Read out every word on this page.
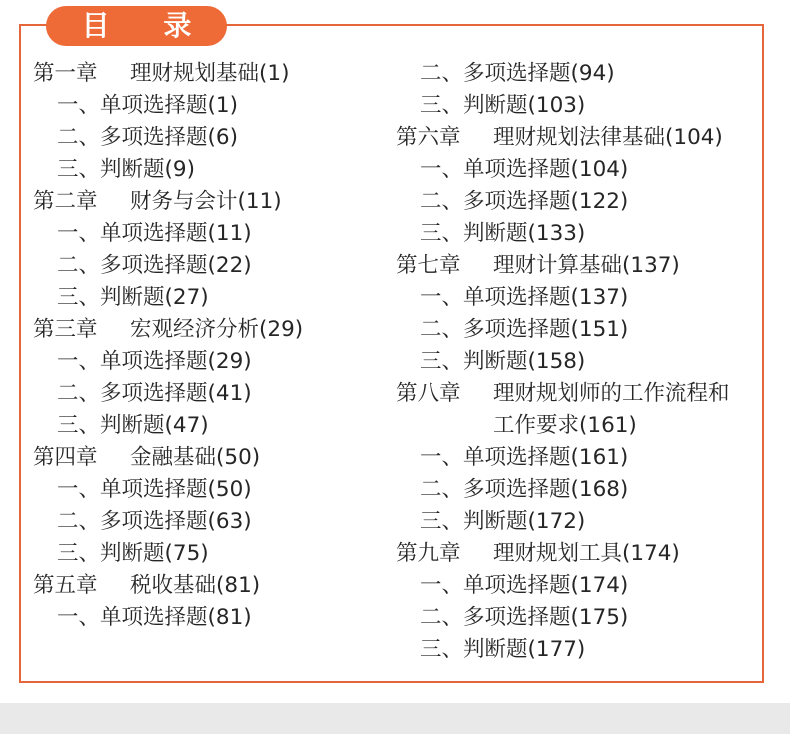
目 录
第一章 理财规划基础(1)
一、单项选择题(1)
二、多项选择题(6)
三、判断题(9)
第二章 财务与会计(11)
一、单项选择题(11)
二、多项选择题(22)
三、判断题(27)
第三章 宏观经济分析(29)
一、单项选择题(29)
二、多项选择题(41)
三、判断题(47)
第四章 金融基础(50)
一、单项选择题(50)
二、多项选择题(63)
三、判断题(75)
第五章 税收基础(81)
一、单项选择题(81)
二、多项选择题(94)
三、判断题(103)
第六章 理财规划法律基础(104)
一、单项选择题(104)
二、多项选择题(122)
三、判断题(133)
第七章 理财计算基础(137)
一、单项选择题(137)
二、多项选择题(151)
三、判断题(158)
第八章 理财规划师的工作流程和
工作要求(161)
一、单项选择题(161)
二、多项选择题(168)
三、判断题(172)
第九章 理财规划工具(174)
一、单项选择题(174)
二、多项选择题(175)
三、判断题(177)
